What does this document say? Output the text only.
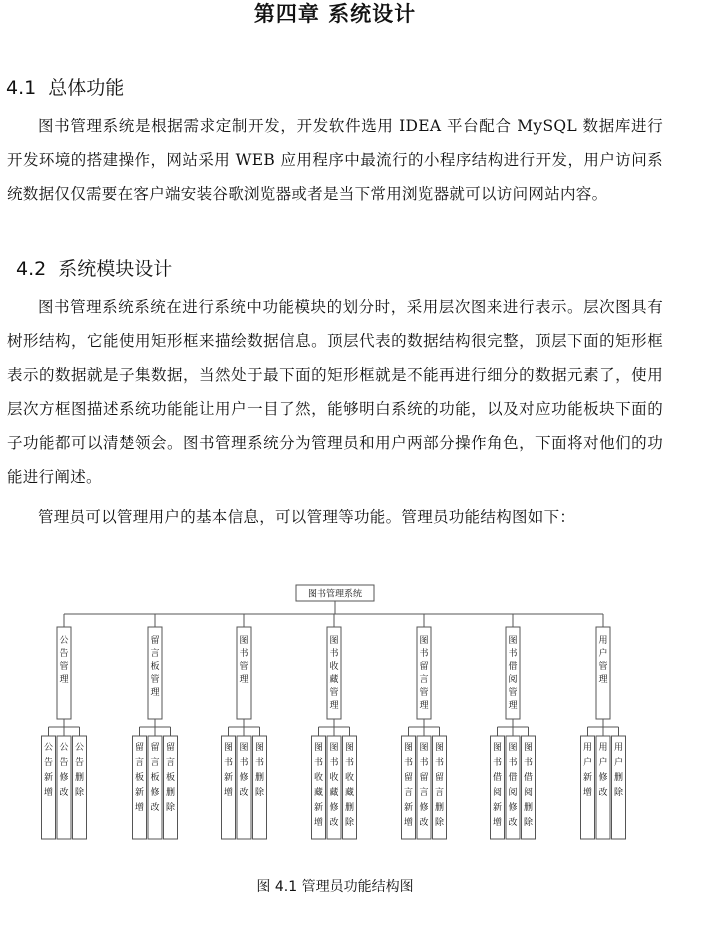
第四章 系统设计
4.1 总体功能

图书管理系统是根据需求定制开发，开发软件选用 IDEA 平台配合 MySQL 数据库进行开发环境的搭建操作，网站采用 WEB 应用程序中最流行的小程序结构进行开发，用户访问系统数据仅仅需要在客户端安装谷歌浏览器或者是当下常用浏览器就可以访问网站内容。

4.2 系统模块设计

图书管理系统系统在进行系统中功能模块的划分时，采用层次图来进行表示。层次图具有树形结构，它能使用矩形框来描绘数据信息。顶层代表的数据结构很完整，顶层下面的矩形框表示的数据就是子集数据，当然处于最下面的矩形框就是不能再进行细分的数据元素了，使用层次方框图描述系统功能能让用户一目了然，能够明白系统的功能，以及对应功能板块下面的子功能都可以清楚领会。图书管理系统分为管理员和用户两部分操作角色，下面将对他们的功能进行阐述。

管理员可以管理用户的基本信息，可以管理等功能。管理员功能结构图如下：

图书管理系统
公告管理
公告新增
公告修改
公告删除
留言板管理
留言板新增
留言板修改
留言板删除
图书管理
图书新增
图书修改
图书删除
图书收藏管理
图书收藏新增
图书收藏修改
图书收藏删除
图书留言管理
图书留言新增
图书留言修改
图书留言删除
图书借阅管理
图书借阅新增
图书借阅修改
图书借阅删除
用户管理
用户新增
用户修改
用户删除
图 4.1 管理员功能结构图
